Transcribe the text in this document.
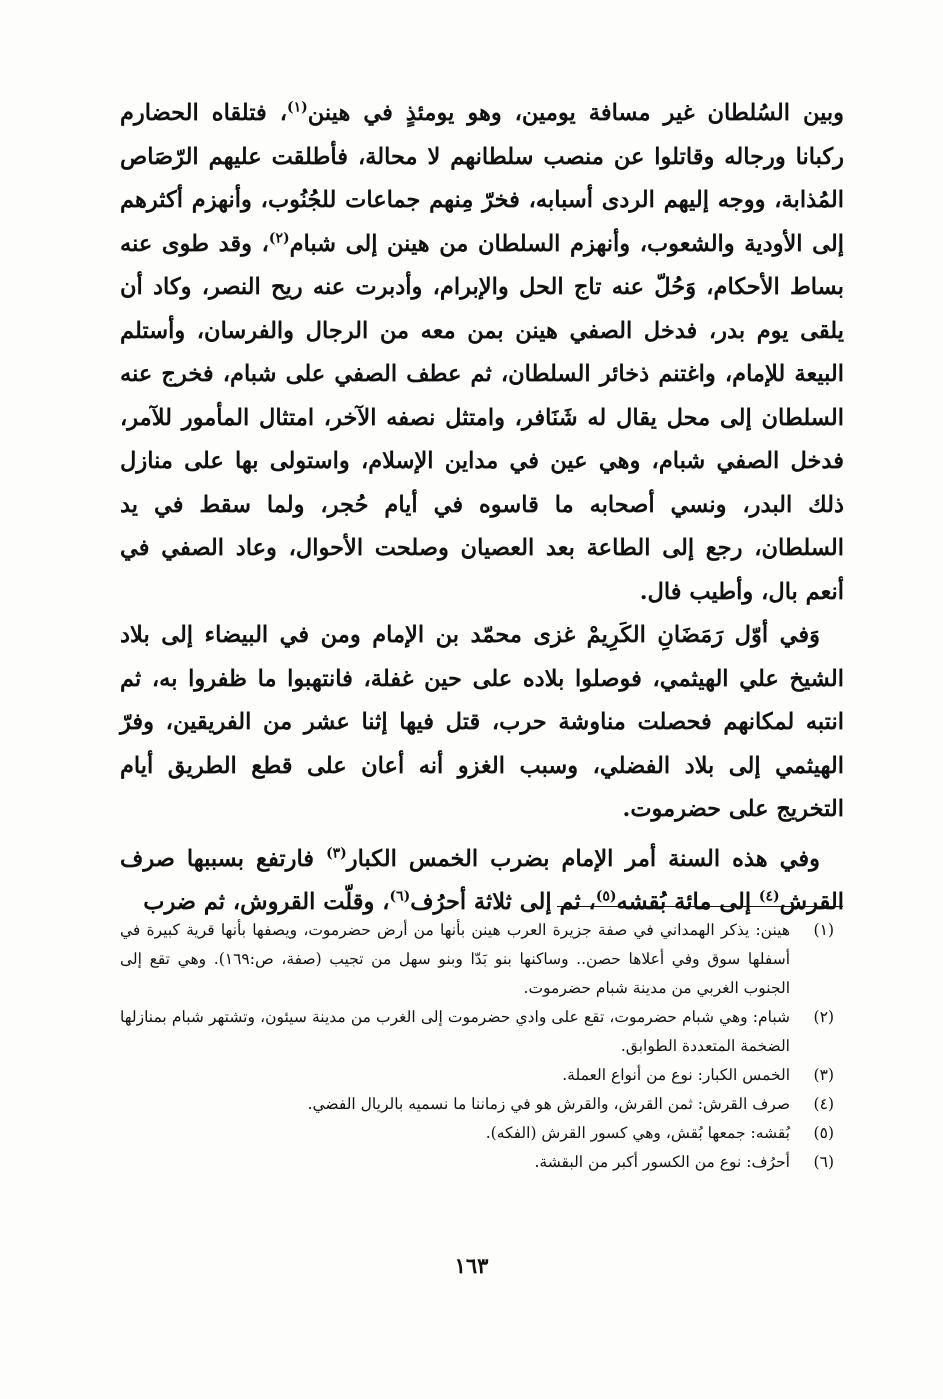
وبين السُلطان غير مسافة يومين، وهو يومئذٍ في هينن$^{(١)}$، فتلقاه الحضارم ركبانا ورجاله وقاتلوا عن منصب سلطانهم لا محالة، فأطلقت عليهم الرّصَاص المُذابة، ووجه إليهم الردى أسبابه، فخرّ مِنهم جماعات للجُنُوب، وأنهزم أكثرهم إلى الأودية والشعوب، وأنهزم السلطان من هينن إلى شبام$^{(٢)}$، وقد طوى عنه بساط الأحكام، وَحُلّ عنه تاج الحل والإبرام، وأدبرت عنه ريح النصر، وكاد أن يلقى يوم بدر، فدخل الصفي هينن بمن معه من الرجال والفرسان، وأستلم البيعة للإمام، واغتنم ذخائر السلطان، ثم عطف الصفي على شبام، فخرج عنه السلطان إلى محل يقال له شَنَافر، وامتثل نصفه الآخر، امتثال المأمور للآمر، فدخل الصفي شبام، وهي عين في مداين الإسلام، واستولى بها على منازل ذلك البدر، ونسي أصحابه ما قاسوه في أيام حُجر، ولما سقط في يد السلطان، رجع إلى الطاعة بعد العصيان وصلحت الأحوال، وعاد الصفي في أنعم بال، وأطيب فال.

وَفي أوّل رَمَضَانِ الكَرِيمْ غزى محمّد بن الإمام ومن في البيضاء إلى بلاد الشيخ علي الهيثمي، فوصلوا بلاده على حين غفلة، فانتهبوا ما ظفروا به، ثم انتبه لمكانهم فحصلت مناوشة حرب، قتل فيها إثنا عشر من الفريقين، وفرّ الهيثمي إلى بلاد الفضلي، وسبب الغزو أنه أعان على قطع الطريق أيام التخريج على حضرموت.

وفي هذه السنة أمر الإمام بضرب الخمس الكبار$^{(٣)}$ فارتفع بسببها صرف القرش$^{(٤)}$ إلى مائة بُقشه$^{(٥)}$، ثم إلى ثلاثة أحرُف$^{(٦)}$، وقلّت القروش، ثم ضرب

(١)
هينن: يذكر الهمداني في صفة جزيرة العرب هينن بأنها من أرض حضرموت، ويصفها بأنها قرية كبيرة في أسفلها سوق وفي أعلاها حصن.. وساكنها بنو بَدّا وبنو سهل من تجيب (صفة، ص:١٦٩). وهي تقع إلى الجنوب الغربي من مدينة شبام حضرموت.
(٢)
شبام: وهي شبام حضرموت، تقع على وادي حضرموت إلى الغرب من مدينة سيئون، وتشتهر شبام بمنازلها الضخمة المتعددة الطوابق.
(٣)
الخمس الكبار: نوع من أنواع العملة.
(٤)
صرف القرش: ثمن القرش، والقرش هو في زماننا ما نسميه بالريال الفضي.
(٥)
بُقشه: جمعها بُقش، وهي كسور القرش (الفكه).
(٦)
أحرُف: نوع من الكسور أكبر من البقشة.
١٦٣
